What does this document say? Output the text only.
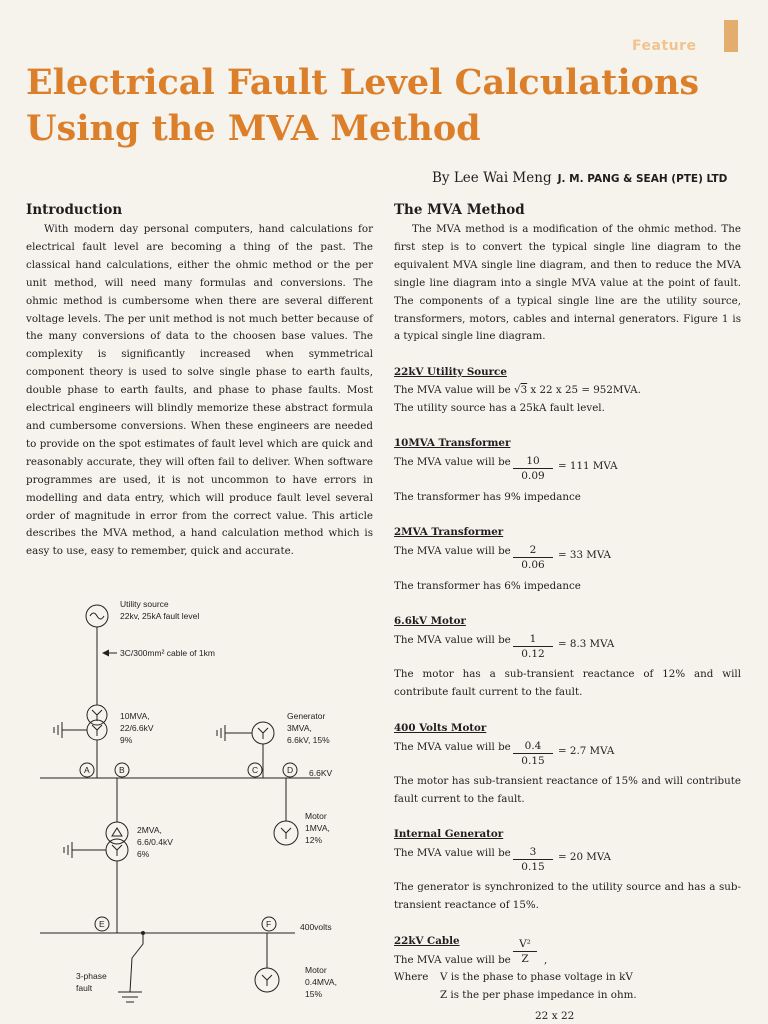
Feature
Electrical Fault Level Calculations
Using the MVA Method
By Lee Wai Meng J. M. PANG & SEAH (PTE) LTD
Introduction

With modern day personal computers, hand calculations for electrical fault level are becoming a thing of the past. The classical hand calculations, either the ohmic method or the per unit method, will need many formulas and conversions. The ohmic method is cumbersome when there are several different voltage levels. The per unit method is not much better because of the many conversions of data to the choosen base values. The complexity is significantly increased when symmetrical component theory is used to solve single phase to earth faults, double phase to earth faults, and phase to phase faults. Most electrical engineers will blindly memorize these abstract formula and cumbersome conversions. When these engineers are needed to provide on the spot estimates of fault level which are quick and reasonably accurate, they will often fail to deliver. When software programmes are used, it is not uncommon to have errors in modelling and data entry, which will produce fault level several order of magnitude in error from the correct value. This article describes the MVA method, a hand calculation method which is easy to use, easy to remember, quick and accurate.

The MVA Method

The MVA method is a modification of the ohmic method. The first step is to convert the typical single line diagram to the equivalent MVA single line diagram, and then to reduce the MVA single line diagram into a single MVA value at the point of fault. The components of a typical single line are the utility source, transformers, motors, cables and internal generators. Figure 1 is a typical single line diagram.

22kV Utility Source
The MVA value will be √3 x 22 x 25 = 952MVA.
The utility source has a 25kA fault level.
10MVA Transformer
The MVA value will be $\frac{10}{0.09} = 111$ MVA
The transformer has 9% impedance
2MVA Transformer
The MVA value will be $\frac{2}{0.06} = 33$ MVA
The transformer has 6% impedance
6.6kV Motor
The MVA value will be $\frac{1}{0.12} = 8.3$ MVA

The motor has a sub-transient reactance of 12% and will contribute fault current to the fault.

400 Volts Motor
The MVA value will be $\frac{0.4}{0.15} = 2.7$ MVA

The motor has sub-transient reactance of 15% and will contribute fault current to the fault.

Internal Generator
The MVA value will be $\frac{3}{0.15} = 20$ MVA

The generator is synchronized to the utility source and has a sub-transient reactance of 15%.

22kV Cable
The MVA value will be $\frac{\text{V²}}{Z}$ ,
Where V is the phase to phase voltage in kV
Z is the per phase impedance in ohm.
22 x 22
Utility source
22kv, 25kA fault level
3C/300mm² cable of 1km
10MVA,
22/6.6kV
9%
Generator
3MVA,
6.6kV, 15%
A	B	C	D 6.6KV
Motor
1MVA,
12%
2MVA,
6.6/0.4kV
6%
E	F	400volts
3-phase
fault
Motor
0.4MVA,
15%
